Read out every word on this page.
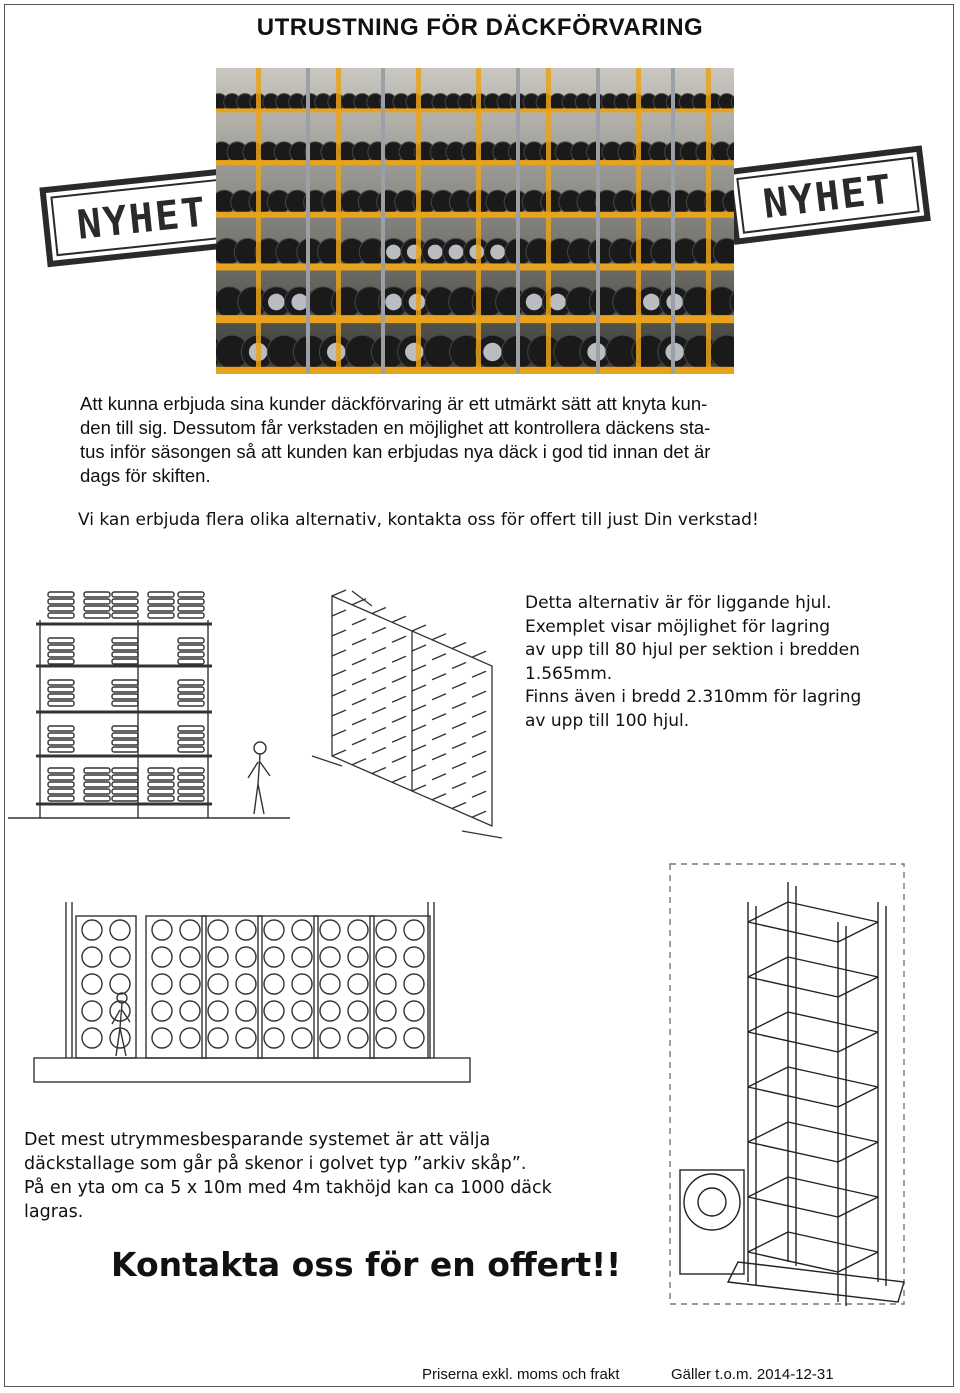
UTRUSTNING FÖR DÄCKFÖRVARING
NYHET	NYHET

Att kunna erbjuda sina kunder däckförvaring är ett utmärkt sätt att knyta kun-

den till sig. Dessutom får verkstaden en möjlighet att kontrollera däckens sta-

tus inför säsongen så att kunden kan erbjudas nya däck i god tid innan det är

dags för skiften.

Vi kan erbjuda flera olika alternativ, kontakta oss för offert till just Din verkstad!

Detta alternativ är för liggande hjul.

Exemplet visar möjlighet för lagring

av upp till 80 hjul per sektion i bredden

1.565mm.

Finns även i bredd 2.310mm för lagring

av upp till 100 hjul.

Det mest utrymmesbesparande systemet är att välja

däckstallage som går på skenor i golvet typ ”arkiv skåp”.

På en yta om ca 5 x 10m med 4m takhöjd kan ca 1000 däck

lagras.

Kontakta oss för en offert!!
Priserna exkl. moms och frakt	Gäller t.o.m. 2014-12-31
